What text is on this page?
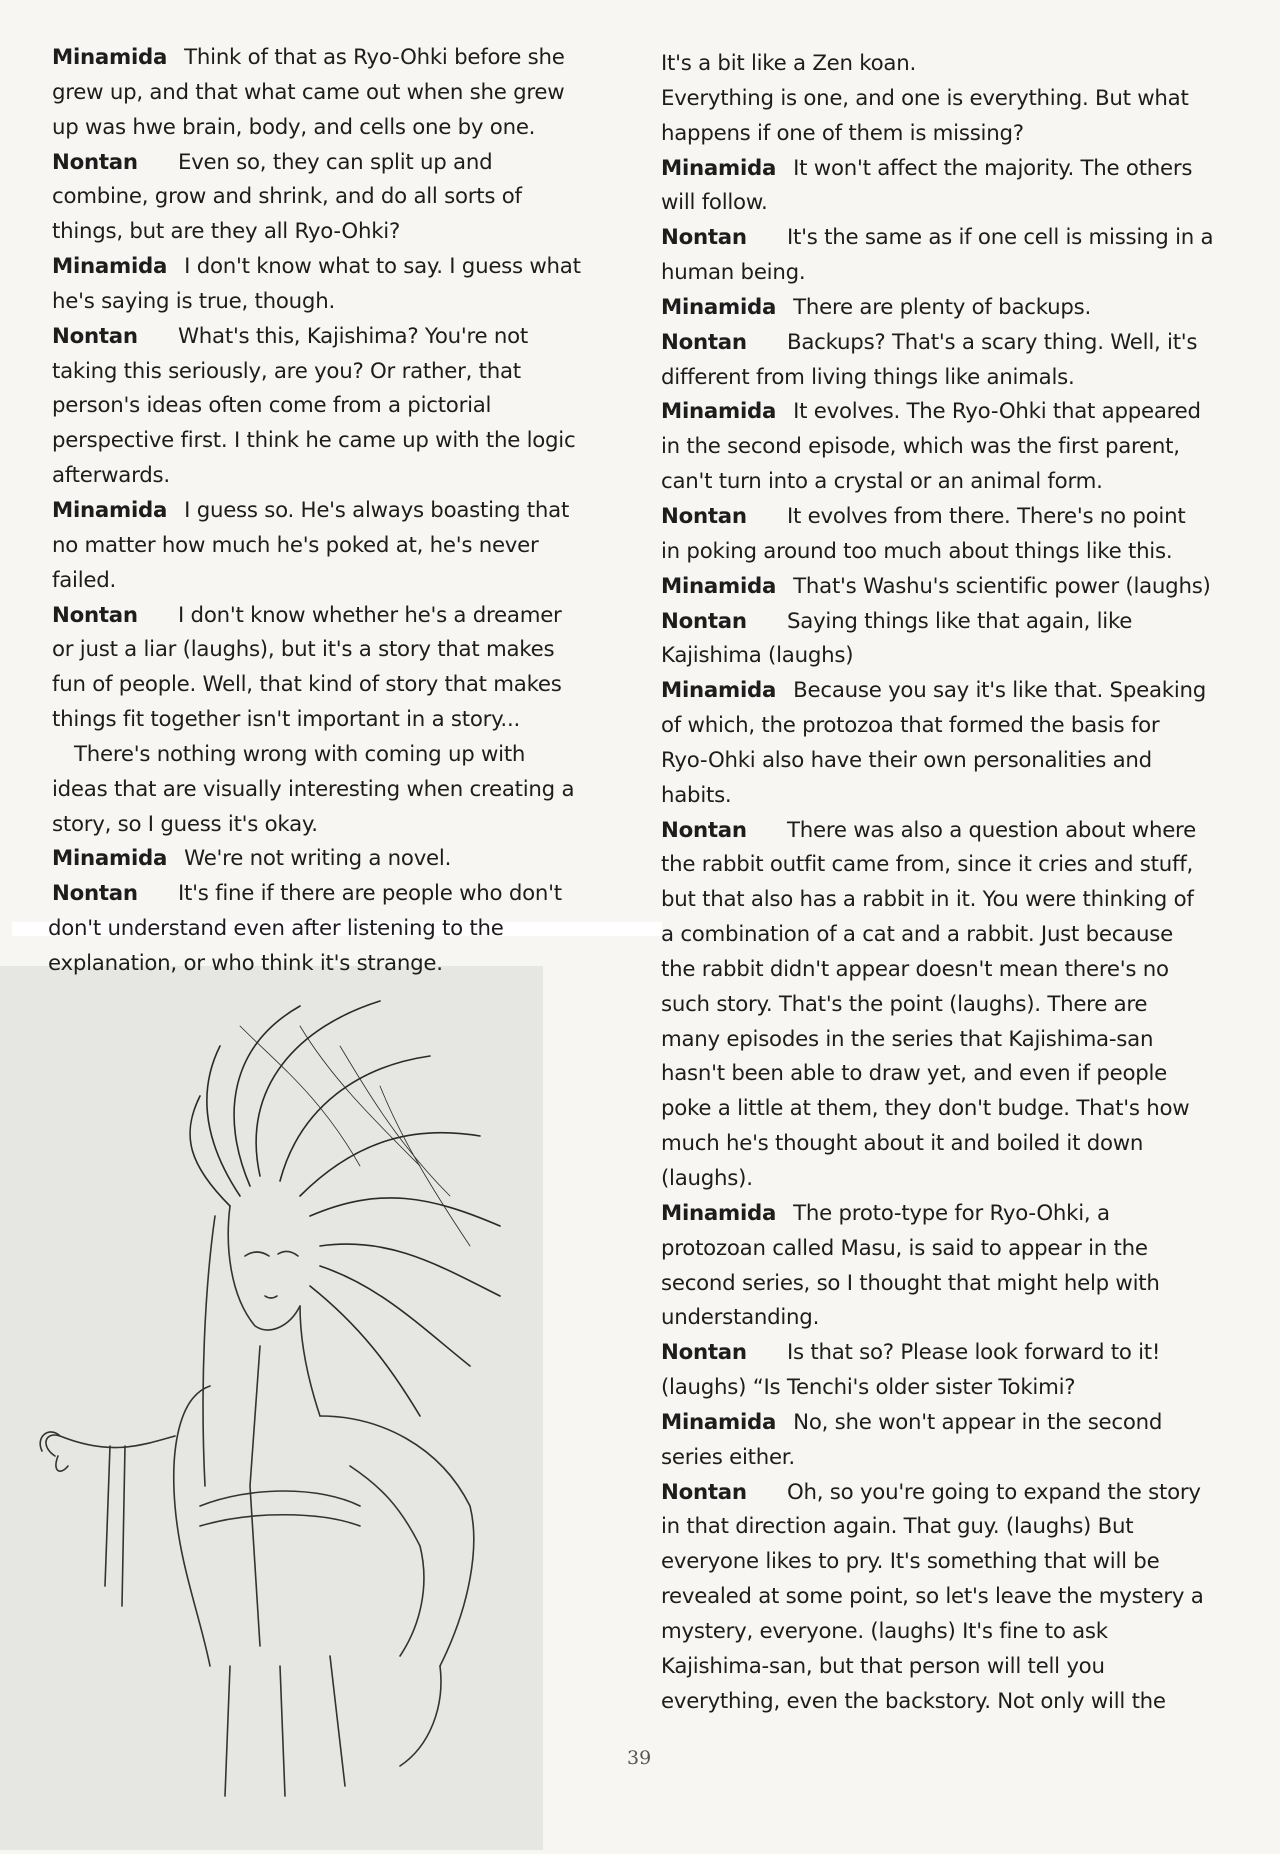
Minamida Think of that as Ryo-Ohki before she
grew up, and that what came out when she grew
up was hwe brain, body, and cells one by one.
Nontan Even so, they can split up and
combine, grow and shrink, and do all sorts of
things, but are they all Ryo-Ohki?
Minamida I don't know what to say. I guess what
he's saying is true, though.
Nontan What's this, Kajishima? You're not
taking this seriously, are you? Or rather, that
person's ideas often come from a pictorial
perspective first. I think he came up with the logic
afterwards.
Minamida I guess so. He's always boasting that
no matter how much he's poked at, he's never
failed.
Nontan I don't know whether he's a dreamer
or just a liar (laughs), but it's a story that makes
fun of people. Well, that kind of story that makes
things fit together isn't important in a story...
There's nothing wrong with coming up with
ideas that are visually interesting when creating a
story, so I guess it's okay.
Minamida We're not writing a novel.
Nontan It's fine if there are people who don't
don't understand even after listening to the
explanation, or who think it's strange.
It's a bit like a Zen koan.
Everything is one, and one is everything. But what
happens if one of them is missing?
Minamida It won't affect the majority. The others
will follow.
Nontan It's the same as if one cell is missing in a
human being.
Minamida There are plenty of backups.
Nontan Backups? That's a scary thing. Well, it's
different from living things like animals.
Minamida It evolves. The Ryo-Ohki that appeared
in the second episode, which was the first parent,
can't turn into a crystal or an animal form.
Nontan It evolves from there. There's no point
in poking around too much about things like this.
Minamida That's Washu's scientific power (laughs)
Nontan Saying things like that again, like
Kajishima (laughs)
Minamida Because you say it's like that. Speaking
of which, the protozoa that formed the basis for
Ryo-Ohki also have their own personalities and
habits.
Nontan There was also a question about where
the rabbit outfit came from, since it cries and stuff,
but that also has a rabbit in it. You were thinking of
a combination of a cat and a rabbit. Just because
the rabbit didn't appear doesn't mean there's no
such story. That's the point (laughs). There are
many episodes in the series that Kajishima-san
hasn't been able to draw yet, and even if people
poke a little at them, they don't budge. That's how
much he's thought about it and boiled it down
(laughs).
Minamida The proto-type for Ryo-Ohki, a
protozoan called Masu, is said to appear in the
second series, so I thought that might help with
understanding.
Nontan Is that so? Please look forward to it!
(laughs) “Is Tenchi's older sister Tokimi?
Minamida No, she won't appear in the second
series either.
Nontan Oh, so you're going to expand the story
in that direction again. That guy. (laughs) But
everyone likes to pry. It's something that will be
revealed at some point, so let's leave the mystery a
mystery, everyone. (laughs) It's fine to ask
Kajishima-san, but that person will tell you
everything, even the backstory. Not only will the
39
